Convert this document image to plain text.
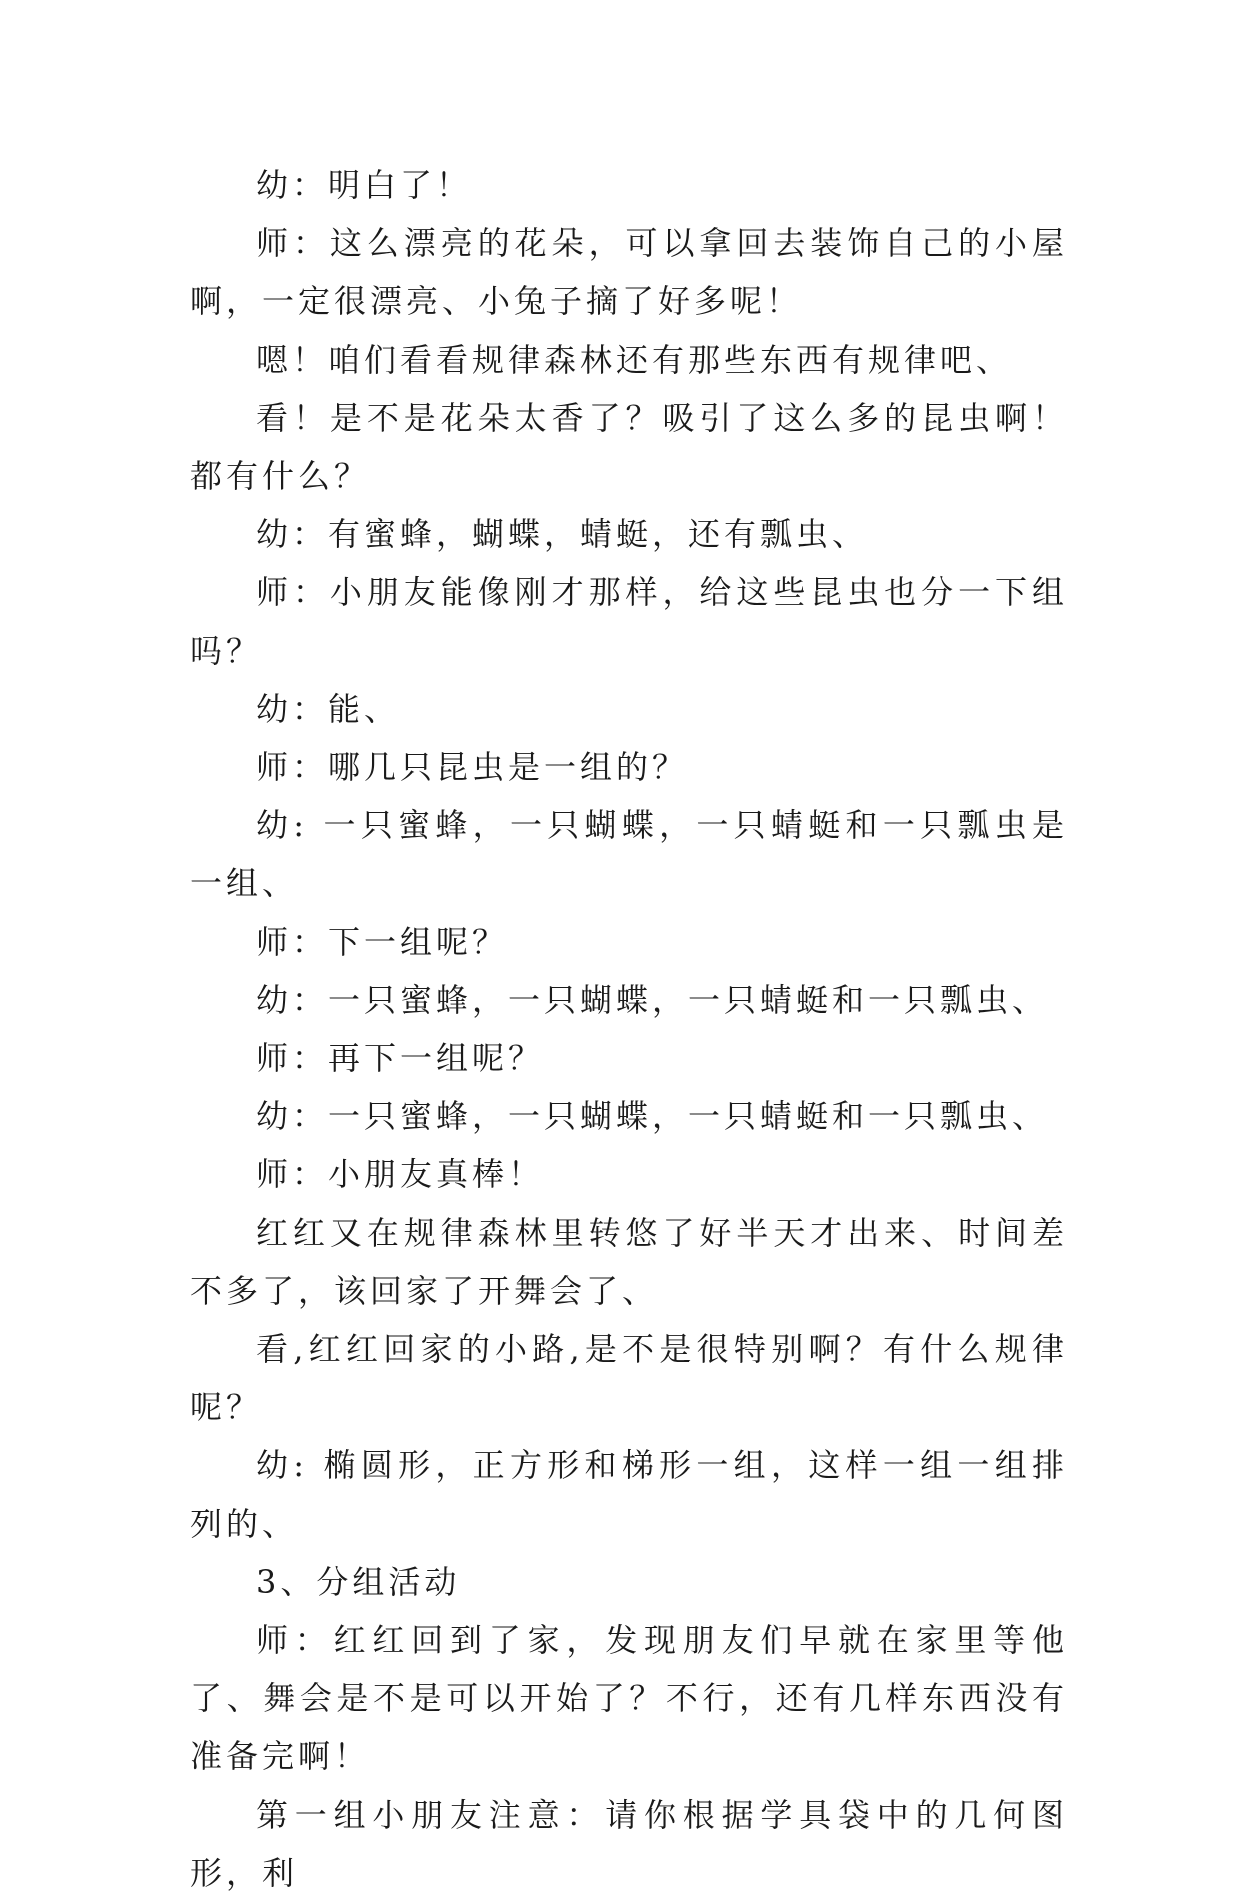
幼：明白了！

师：这么漂亮的花朵，可以拿回去装饰自己的小屋啊，一定很漂亮、小兔子摘了好多呢！

嗯！咱们看看规律森林还有那些东西有规律吧、

看！是不是花朵太香了？吸引了这么多的昆虫啊！都有什么？

幼：有蜜蜂，蝴蝶，蜻蜓，还有瓢虫、

师：小朋友能像刚才那样，给这些昆虫也分一下组吗？

幼：能、

师：哪几只昆虫是一组的？

幼: 一只蜜蜂，一只蝴蝶，一只蜻蜓和一只瓢虫是一组、

师：下一组呢？

幼：一只蜜蜂，一只蝴蝶，一只蜻蜓和一只瓢虫、

师：再下一组呢？

幼：一只蜜蜂，一只蝴蝶，一只蜻蜓和一只瓢虫、

师：小朋友真棒！

红红又在规律森林里转悠了好半天才出来、时间差不多了，该回家了开舞会了、

看,红红回家的小路,是不是很特别啊？有什么规律呢？

幼: 椭圆形，正方形和梯形一组，这样一组一组排列的、

3、分组活动

师：红红回到了家，发现朋友们早就在家里等他了、舞会是不是可以开始了？不行，还有几样东西没有准备完啊！

第一组小朋友注意：请你根据学具袋中的几何图形，利
